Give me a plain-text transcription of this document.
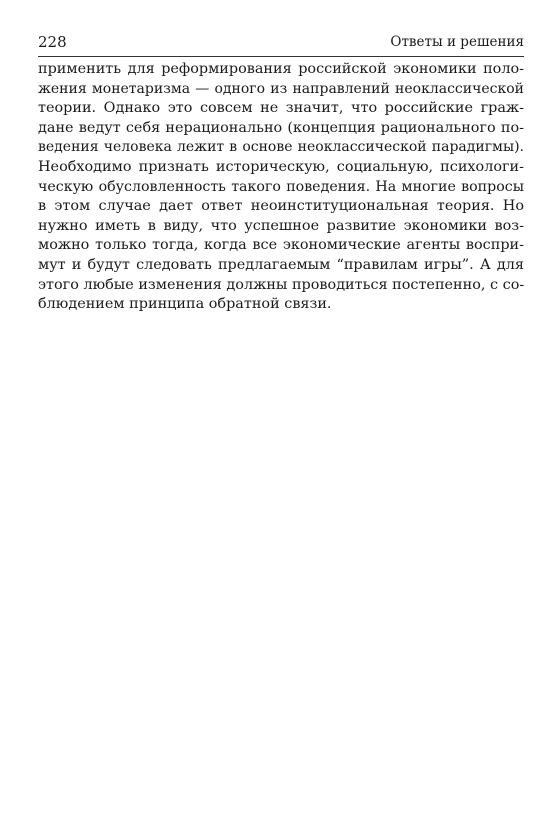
228	Ответы и решения
применить для реформирования российской экономики поло-
жения монетаризма — одного из направлений неоклассической
теории. Однако это совсем не значит, что российские граж-
дане ведут себя нерационально (концепция рационального по-
ведения человека лежит в основе неоклассической парадигмы).
Необходимо признать историческую, социальную, психологи-
ческую обусловленность такого поведения. На многие вопросы
в этом случае дает ответ неоинституциональная теория. Но
нужно иметь в виду, что успешное развитие экономики воз-
можно только тогда, когда все экономические агенты воспри-
мут и будут следовать предлагаемым “правилам игры”. А для
этого любые изменения должны проводиться постепенно, с со-
блюдением принципа обратной связи.
